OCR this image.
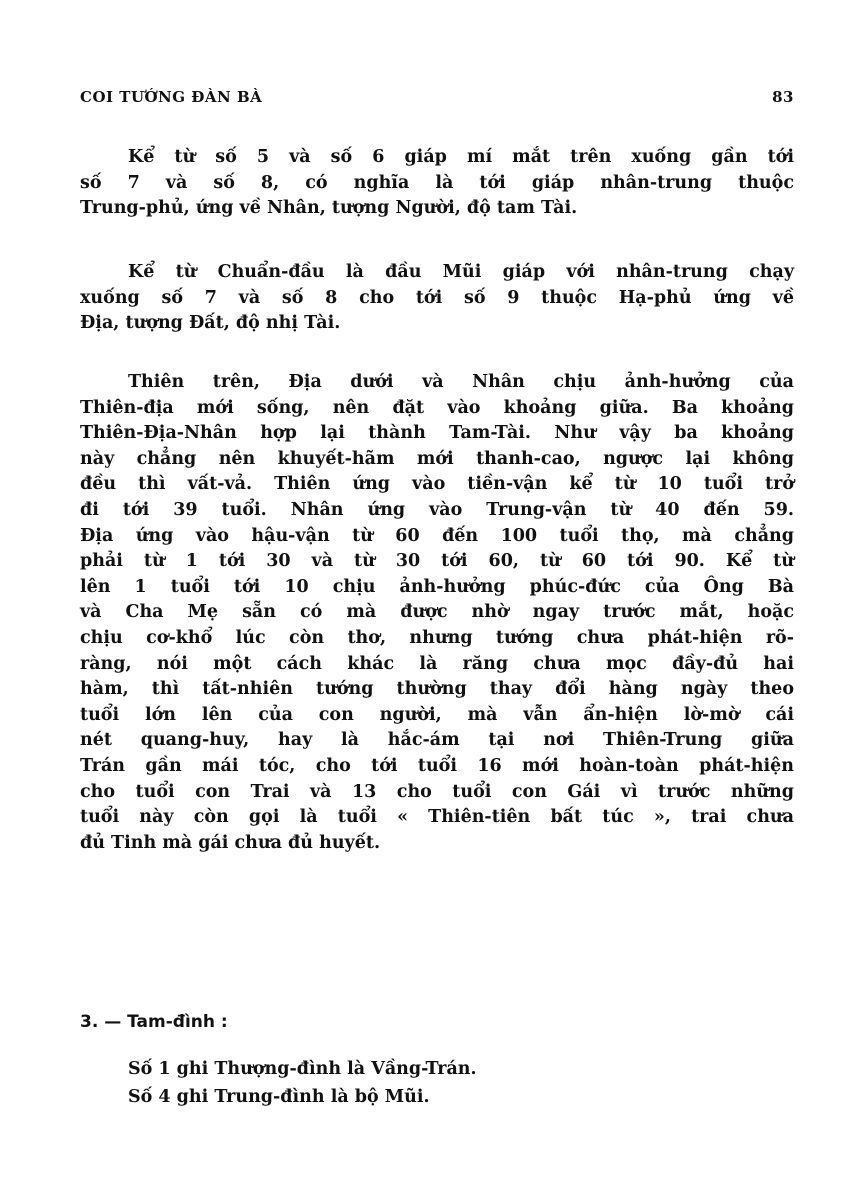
COI TƯỚNG ĐÀN BÀ	83
Kể từ số 5 và số 6 giáp mí mắt trên xuống gần tới
số 7 và số 8, có nghĩa là tới giáp nhân-trung thuộc
Trung-phủ, ứng về Nhân, tượng Người, độ tam Tài.
Kể từ Chuẩn-đầu là đầu Mũi giáp với nhân-trung chạy
xuống số 7 và số 8 cho tới số 9 thuộc Hạ-phủ ứng về
Địa, tượng Đất, độ nhị Tài.
Thiên trên, Địa dưới và Nhân chịu ảnh-hưởng của
Thiên-địa mới sống, nên đặt vào khoảng giữa. Ba khoảng
Thiên-Địa-Nhân hợp lại thành Tam-Tài. Như vậy ba khoảng
này chẳng nên khuyết-hãm mới thanh-cao, ngược lại không
đều thì vất-vả. Thiên ứng vào tiền-vận kể từ 10 tuổi trở
đi tới 39 tuổi. Nhân ứng vào Trung-vận từ 40 đến 59.
Địa ứng vào hậu-vận từ 60 đến 100 tuổi thọ, mà chẳng
phải từ 1 tới 30 và từ 30 tới 60, từ 60 tới 90. Kể từ
lên 1 tuổi tới 10 chịu ảnh-hưởng phúc-đức của Ông Bà
và Cha Mẹ sẵn có mà được nhờ ngay trước mắt, hoặc
chịu cơ-khổ lúc còn thơ, nhưng tướng chưa phát-hiện rõ-
ràng, nói một cách khác là răng chưa mọc đầy-đủ hai
hàm, thì tất-nhiên tướng thường thay đổi hàng ngày theo
tuổi lớn lên của con người, mà vẫn ẩn-hiện lờ-mờ cái
nét quang-huy, hay là hắc-ám tại nơi Thiên-Trung giữa
Trán gần mái tóc, cho tới tuổi 16 mới hoàn-toàn phát-hiện
cho tuổi con Trai và 13 cho tuổi con Gái vì trước những
tuổi này còn gọi là tuổi « Thiên-tiên bất túc », trai chưa
đủ Tinh mà gái chưa đủ huyết.
3. — Tam-đình :
Số 1 ghi Thượng-đình là Vầng-Trán.
Số 4 ghi Trung-đình là bộ Mũi.
